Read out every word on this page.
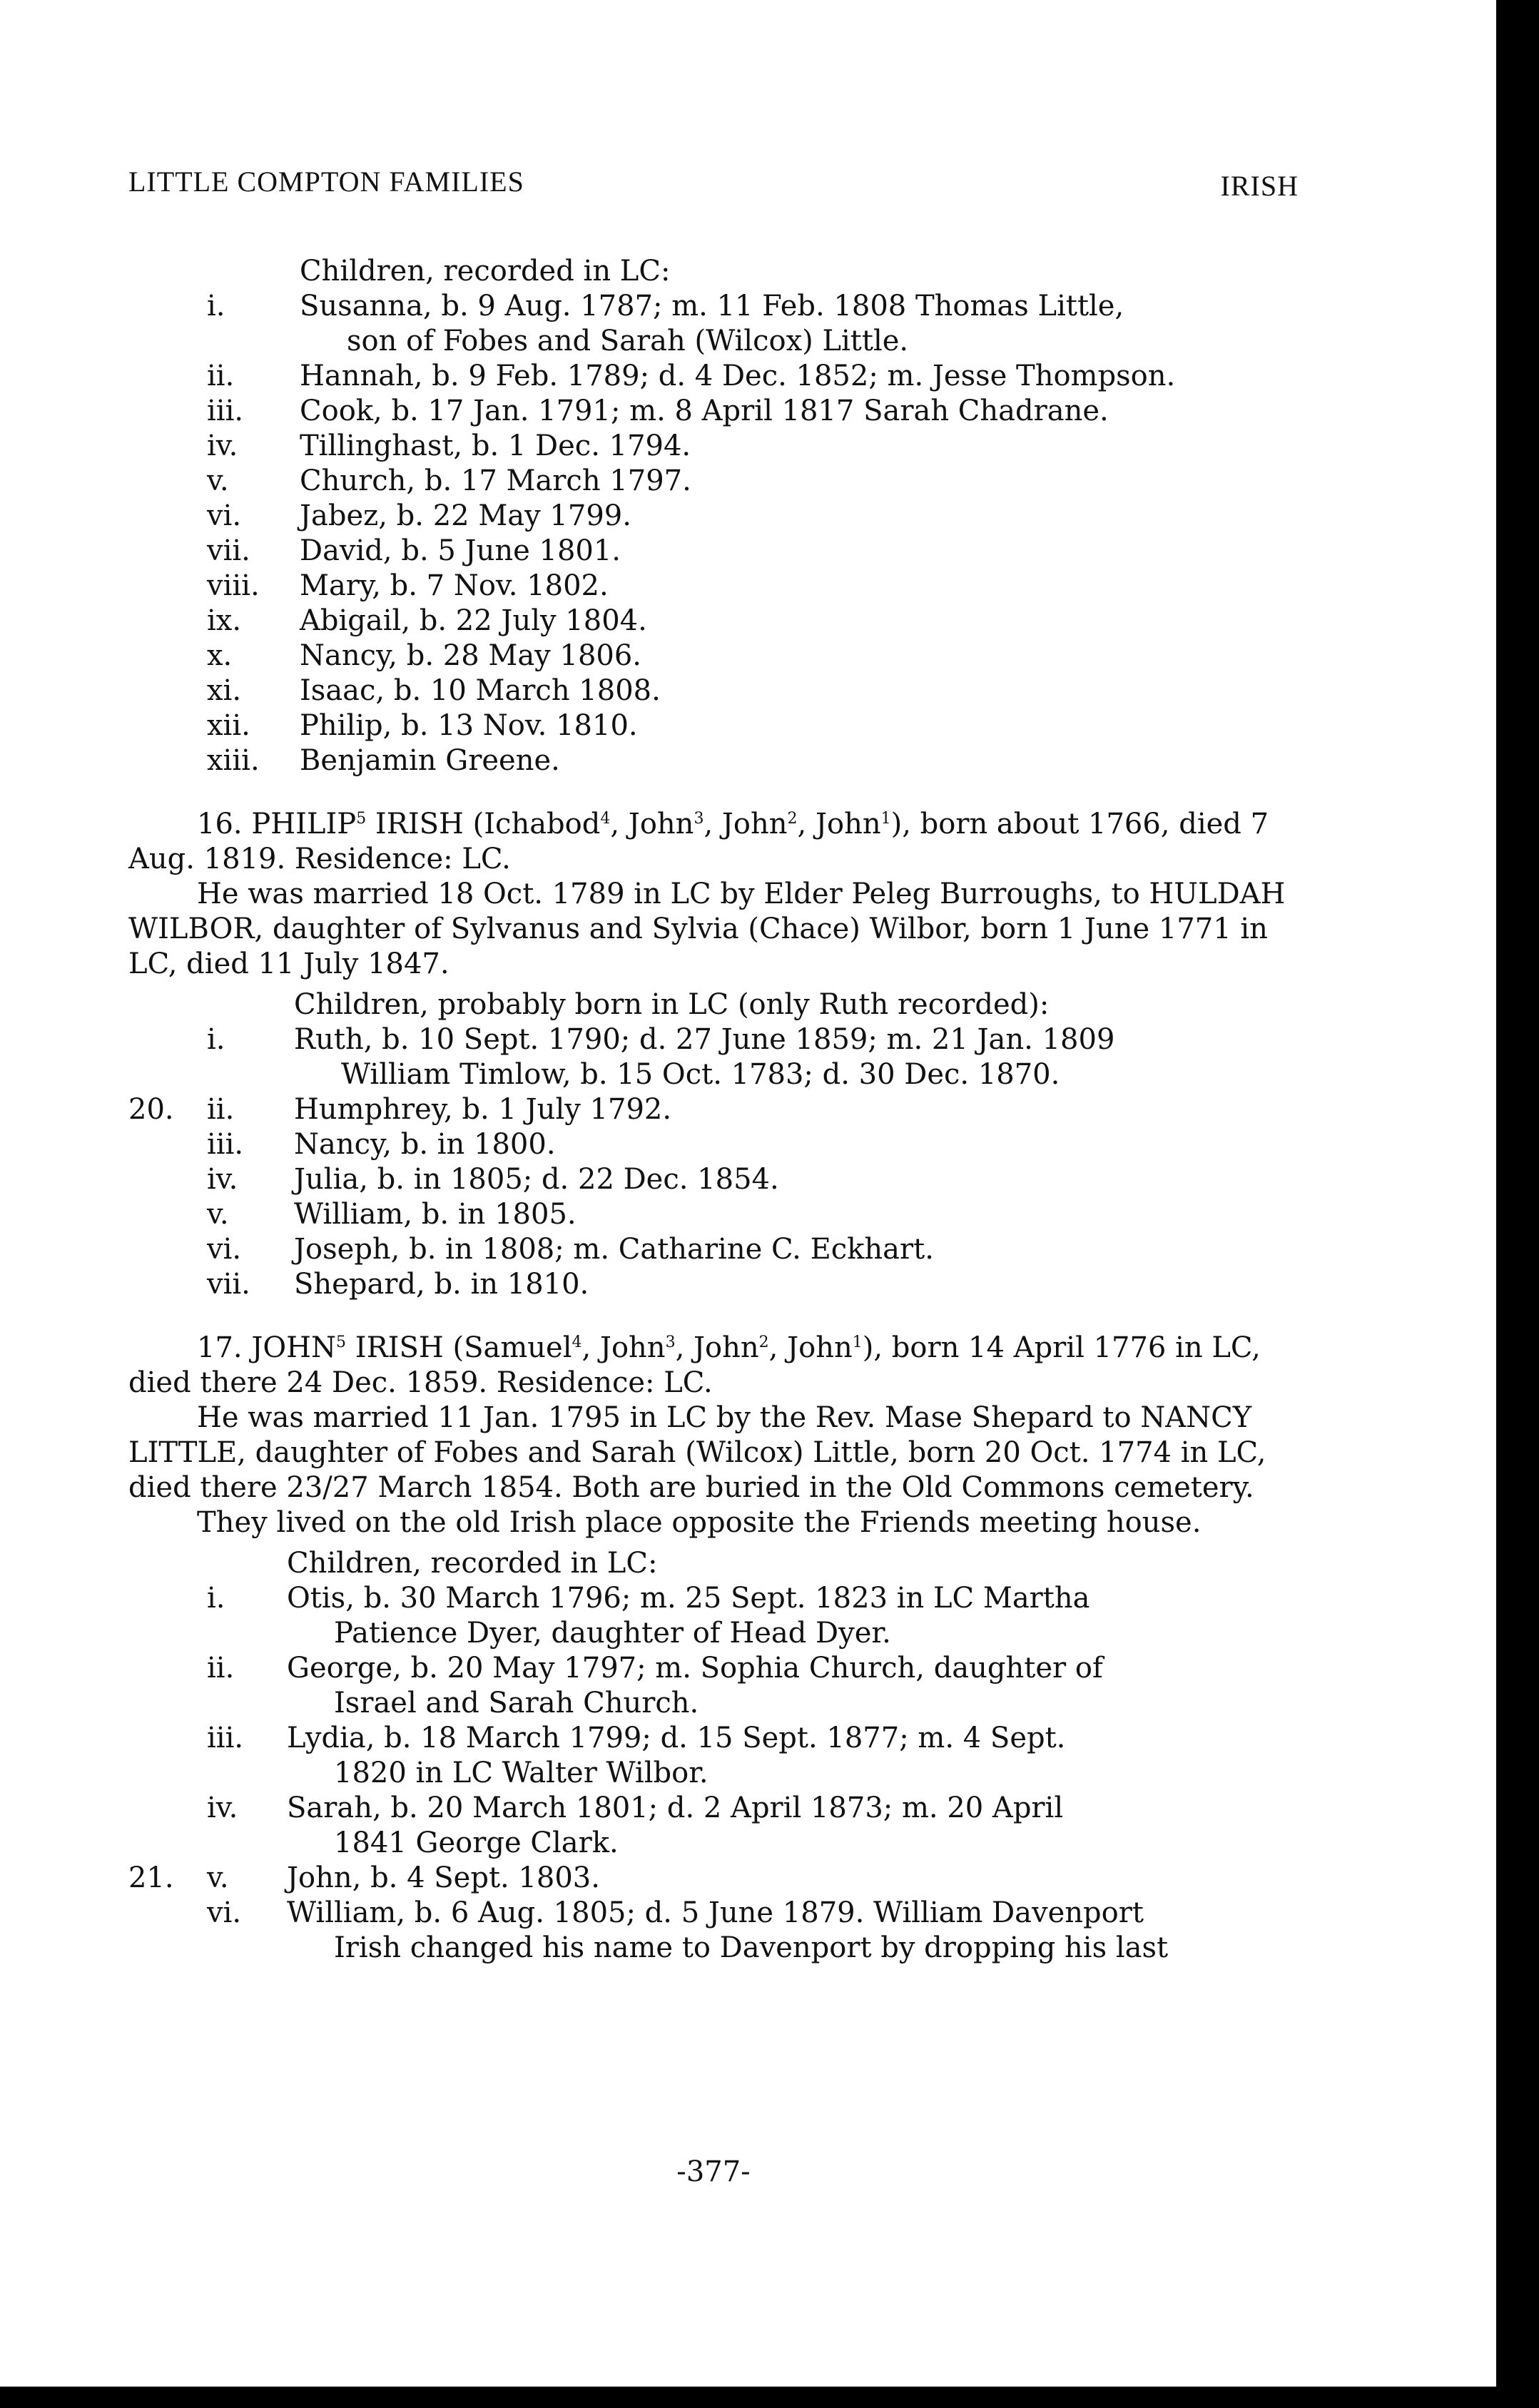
LITTLE COMPTON FAMILIES	IRISH
Children, recorded in LC:
i.	Susanna, b. 9 Aug. 1787; m. 11 Feb. 1808 Thomas Little,
son of Fobes and Sarah (Wilcox) Little.
ii. Hannah, b. 9 Feb. 1789; d. 4 Dec. 1852; m. Jesse Thompson.
iii. Cook, b. 17 Jan. 1791; m. 8 April 1817 Sarah Chadrane.
iv. Tillinghast, b. 1 Dec. 1794.
v. Church, b. 17 March 1797.
vi. Jabez, b. 22 May 1799.
vii. David, b. 5 June 1801.
viii. Mary, b. 7 Nov. 1802.
ix. Abigail, b. 22 July 1804.
x. Nancy, b. 28 May 1806.
xi. Isaac, b. 10 March 1808.
xii. Philip, b. 13 Nov. 1810.
xiii. Benjamin Greene.
16. PHILIP$^5$ IRISH (Ichabod$^4$, John$^3$, John$^2$, John$^1$), born about 1766, died 7 Aug. 1819. Residence: LC.
He was married 18 Oct. 1789 in LC by Elder Peleg Burroughs, to HULDAH WILBOR, daughter of Sylvanus and Sylvia (Chace) Wilbor, born 1 June 1771 in LC, died 11 July 1847.
Children, probably born in LC (only Ruth recorded):
i. Ruth, b. 10 Sept. 1790; d. 27 June 1859; m. 21 Jan. 1809
William Timlow, b. 15 Oct. 1783; d. 30 Dec. 1870.
20.	ii. Humphrey, b. 1 July 1792.
iii. Nancy, b. in 1800.
iv. Julia, b. in 1805; d. 22 Dec. 1854.
v. William, b. in 1805.
vi. Joseph, b. in 1808; m. Catharine C. Eckhart.
vii. Shepard, b. in 1810.
17. JOHN$^5$ IRISH (Samuel$^4$, John$^3$, John$^2$, John$^1$), born 14 April 1776 in LC, died there 24 Dec. 1859. Residence: LC.
He was married 11 Jan. 1795 in LC by the Rev. Mase Shepard to NANCY LITTLE, daughter of Fobes and Sarah (Wilcox) Little, born 20 Oct. 1774 in LC, died there 23/27 March 1854. Both are buried in the Old Commons cemetery.
They lived on the old Irish place opposite the Friends meeting house.
Children, recorded in LC:
i. Otis, b. 30 March 1796; m. 25 Sept. 1823 in LC Martha
Patience Dyer, daughter of Head Dyer.
ii. George, b. 20 May 1797; m. Sophia Church, daughter of
Israel and Sarah Church.
iii. Lydia, b. 18 March 1799; d. 15 Sept. 1877; m. 4 Sept.
1820 in LC Walter Wilbor.
iv. Sarah, b. 20 March 1801; d. 2 April 1873; m. 20 April
1841 George Clark.
21.	v. John, b. 4 Sept. 1803.
vi. William, b. 6 Aug. 1805; d. 5 June 1879. William Davenport
Irish changed his name to Davenport by dropping his last
-377-
